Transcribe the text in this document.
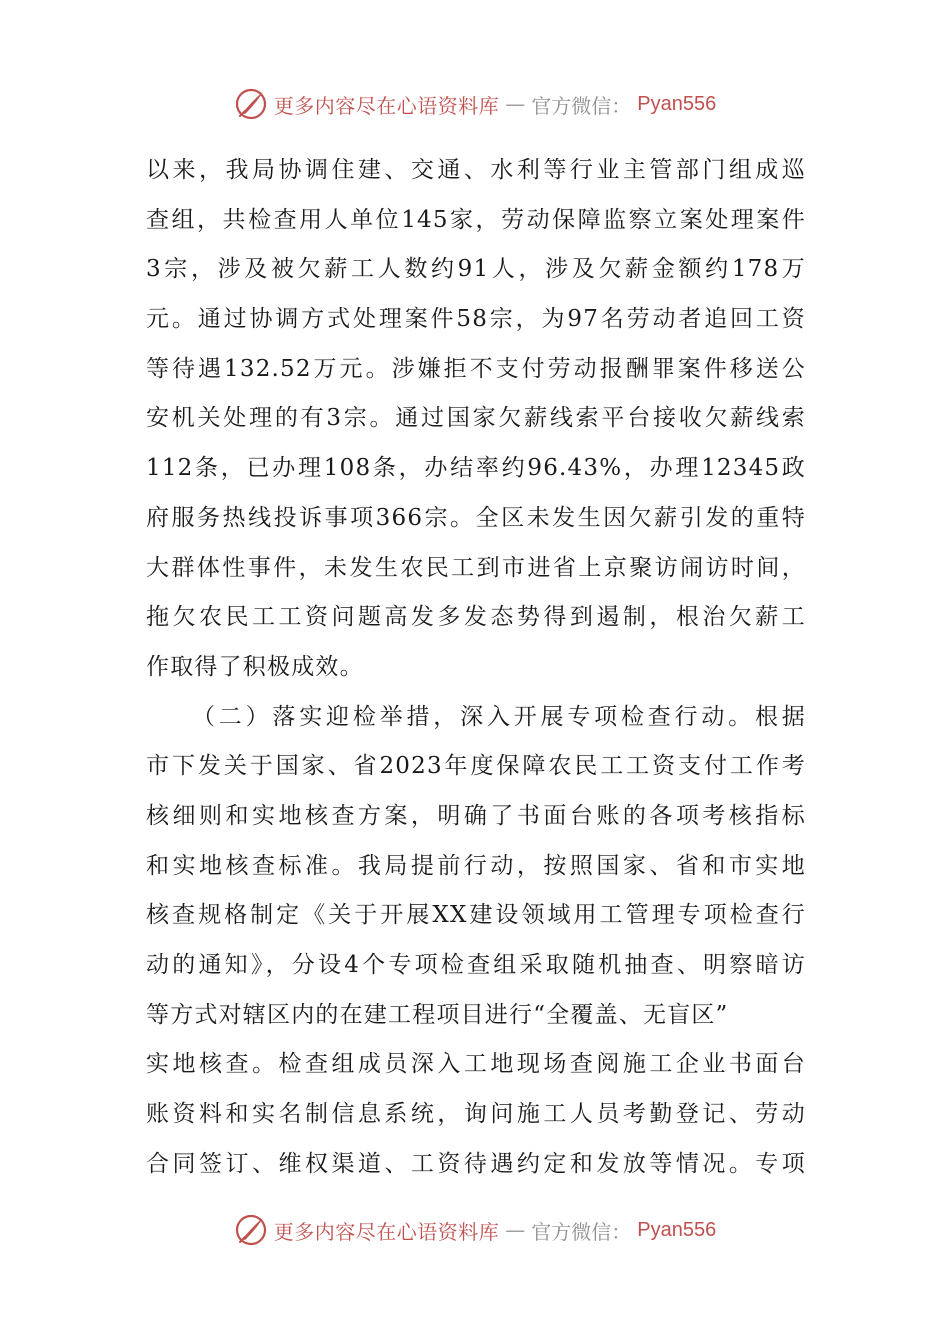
更多内容尽在心语资料库 — 官方微信： Pyan556
以来，我局协调住建、交通、水利等行业主管部门组成巡
查组，共检查用人单位145家，劳动保障监察立案处理案件
3宗，涉及被欠薪工人数约91人，涉及欠薪金额约178万
元。通过协调方式处理案件58宗，为97名劳动者追回工资
等待遇132.52万元。涉嫌拒不支付劳动报酬罪案件移送公
安机关处理的有3宗。通过国家欠薪线索平台接收欠薪线索
112条，已办理108条，办结率约96.43%，办理12345政
府服务热线投诉事项366宗。全区未发生因欠薪引发的重特
大群体性事件，未发生农民工到市进省上京聚访闹访时间，
拖欠农民工工资问题高发多发态势得到遏制，根治欠薪工
作取得了积极成效。
（二）落实迎检举措，深入开展专项检查行动。根据
市下发关于国家、省2023年度保障农民工工资支付工作考
核细则和实地核查方案，明确了书面台账的各项考核指标
和实地核查标准。我局提前行动，按照国家、省和市实地
核查规格制定《关于开展XX建设领域用工管理专项检查行
动的通知》，分设4个专项检查组采取随机抽查、明察暗访
等方式对辖区内的在建工程项目进行“全覆盖、无盲区”
实地核查。检查组成员深入工地现场查阅施工企业书面台
账资料和实名制信息系统，询问施工人员考勤登记、劳动
合同签订、维权渠道、工资待遇约定和发放等情况。专项
更多内容尽在心语资料库 — 官方微信： Pyan556
